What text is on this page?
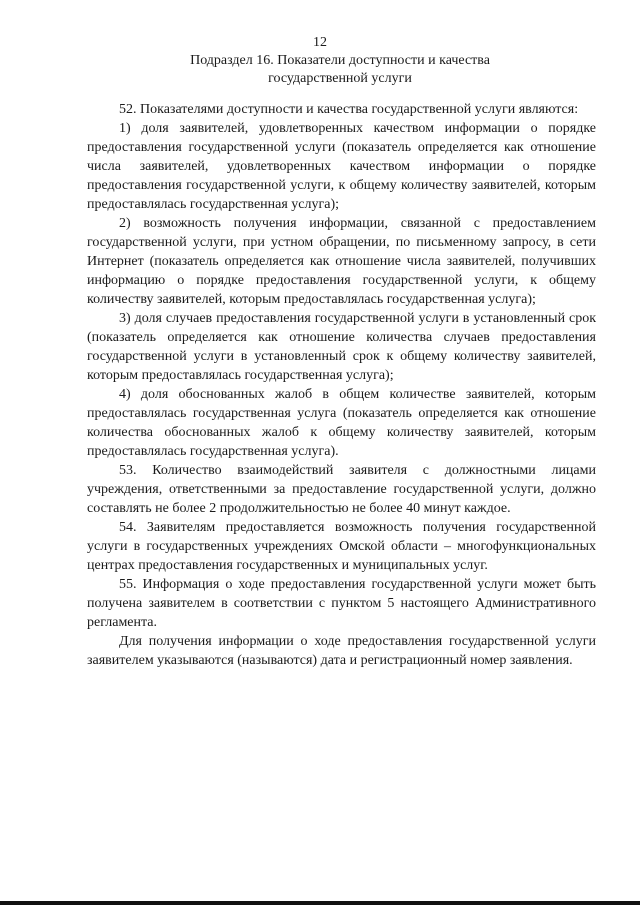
12
Подраздел 16. Показатели доступности и качества
государственной услуги

52. Показателями доступности и качества государственной услуги являются:

1) доля заявителей, удовлетворенных качеством информации о порядке предоставления государственной услуги (показатель определяется как отношение числа заявителей, удовлетворенных качеством информации о порядке предоставления государственной услуги, к общему количеству заявителей, которым предоставлялась государственная услуга);

2) возможность получения информации, связанной с предоставлением государственной услуги, при устном обращении, по письменному запросу, в сети Интернет (показатель определяется как отношение числа заявителей, получивших информацию о порядке предоставления государственной услуги, к общему количеству заявителей, которым предоставлялась государственная услуга);

3) доля случаев предоставления государственной услуги в установленный срок (показатель определяется как отношение количества случаев предоставления государственной услуги в установленный срок к общему количеству заявителей, которым предоставлялась государственная услуга);

4) доля обоснованных жалоб в общем количестве заявителей, которым предоставлялась государственная услуга (показатель определяется как отношение количества обоснованных жалоб к общему количеству заявителей, которым предоставлялась государственная услуга).

53. Количество взаимодействий заявителя с должностными лицами учреждения, ответственными за предоставление государственной услуги, должно составлять не более 2 продолжительностью не более 40 минут каждое.

54. Заявителям предоставляется возможность получения государственной услуги в государственных учреждениях Омской области – многофункциональных центрах предоставления государственных и муниципальных услуг.

55. Информация о ходе предоставления государственной услуги может быть получена заявителем в соответствии с пунктом 5 настоящего Административного регламента.

Для получения информации о ходе предоставления государственной услуги заявителем указываются (называются) дата и регистрационный номер заявления.
